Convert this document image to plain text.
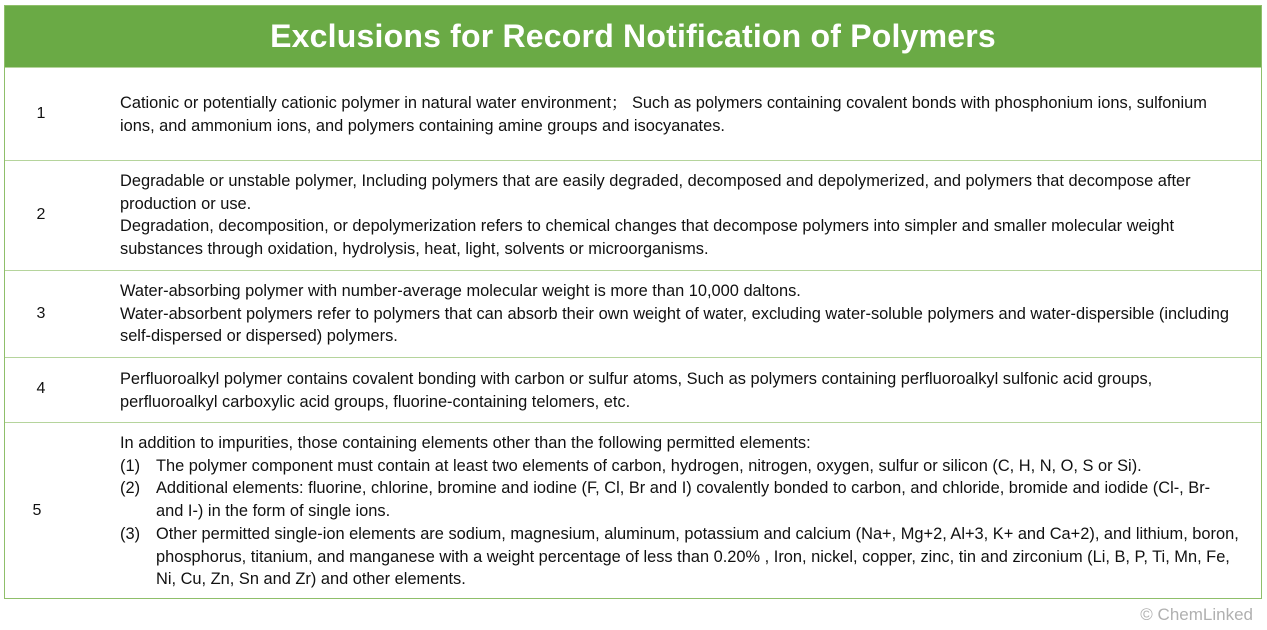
Exclusions for Record Notification of Polymers
1

Cationic or potentially cationic polymer in natural water environment； Such as polymers containing covalent bonds with phosphonium ions, sulfonium ions, and ammonium ions, and polymers containing amine groups and isocyanates.

2

Degradable or unstable polymer, Including polymers that are easily degraded, decomposed and depolymerized, and polymers that decompose after production or use.

Degradation, decomposition, or depolymerization refers to chemical changes that decompose polymers into simpler and smaller molecular weight substances through oxidation, hydrolysis, heat, light, solvents or microorganisms.

3

Water-absorbing polymer with number-average molecular weight is more than 10,000 daltons.

Water-absorbent polymers refer to polymers that can absorb their own weight of water, excluding water-soluble polymers and water-dispersible (including self-dispersed or dispersed) polymers.

4

Perfluoroalkyl polymer contains covalent bonding with carbon or sulfur atoms, Such as polymers containing perfluoroalkyl sulfonic acid groups, perfluoroalkyl carboxylic acid groups, fluorine-containing telomers, etc.

5

In addition to impurities, those containing elements other than the following permitted elements:

(1) The polymer component must contain at least two elements of carbon, hydrogen, nitrogen, oxygen, sulfur or silicon (C, H, N, O, S or Si).
(2) Additional elements: fluorine, chlorine, bromine and iodine (F, Cl, Br and I) covalently bonded to carbon, and chloride, bromide and iodide (Cl-, Br- and I-) in the form of single ions.
(3) Other permitted single-ion elements are sodium, magnesium, aluminum, potassium and calcium (Na+, Mg+2, Al+3, K+ and Ca+2), and lithium, boron, phosphorus, titanium, and manganese with a weight percentage of less than 0.20% , Iron, nickel, copper, zinc, tin and zirconium (Li, B, P, Ti, Mn, Fe, Ni, Cu, Zn, Sn and Zr) and other elements.
© ChemLinked
